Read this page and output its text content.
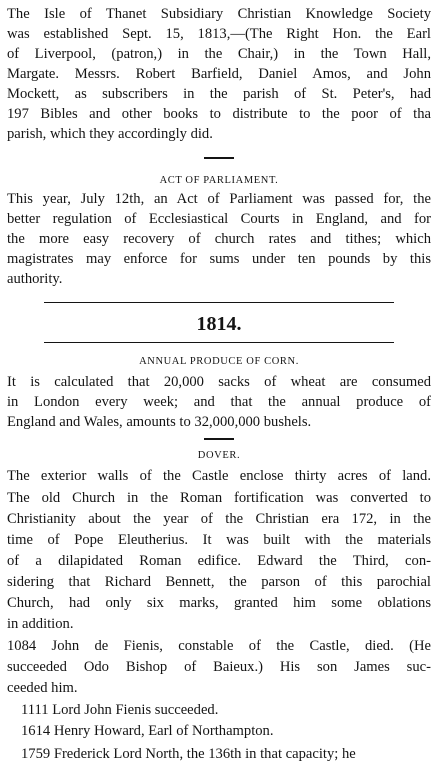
The Isle of Thanet Subsidiary Christian Knowledge Society
was established Sept. 15, 1813,—(The Right Hon. the Earl
of Liverpool, (patron,) in the Chair,) in the Town Hall,
Margate. Messrs. Robert Barfield, Daniel Amos, and John
Mockett, as subscribers in the parish of St. Peter's, had
197 Bibles and other books to distribute to the poor of tha
parish, which they accordingly did.
ACT OF PARLIAMENT.
This year, July 12th, an Act of Parliament was passed for, the
better regulation of Ecclesiastical Courts in England, and for
the more easy recovery of church rates and tithes; which
magistrates may enforce for sums under ten pounds by this
authority.
1814.
ANNUAL PRODUCE OF CORN.
It is calculated that 20,000 sacks of wheat are consumed
in London every week; and that the annual produce of
England and Wales, amounts to 32,000,000 bushels.
DOVER.
The exterior walls of the Castle enclose thirty acres of land.
The old Church in the Roman fortification was converted to
Christianity about the year of the Christian era 172, in the
time of Pope Eleutherius. It was built with the materials
of a dilapidated Roman edifice. Edward the Third, con-
sidering that Richard Bennett, the parson of this parochial
Church, had only six marks, granted him some oblations
in addition.
1084 John de Fienis, constable of the Castle, died. (He
succeeded Odo Bishop of Baieux.) His son James suc-
ceeded him.
1111 Lord John Fienis succeeded.
1614 Henry Howard, Earl of Northampton.
1759 Frederick Lord North, the 136th in that capacity; he
